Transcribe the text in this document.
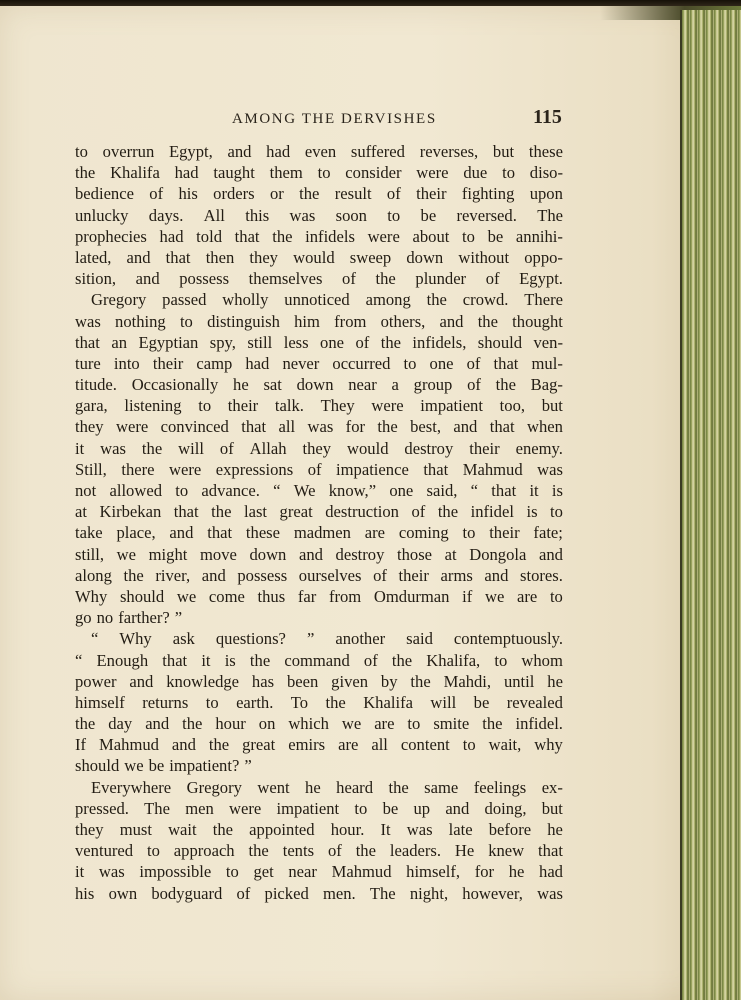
AMONG THE DERVISHES	115
to overrun Egypt, and had even suffered reverses, but these
the Khalifa had taught them to consider were due to diso-
bedience of his orders or the result of their fighting upon
unlucky days. All this was soon to be reversed. The
prophecies had told that the infidels were about to be annihi-
lated, and that then they would sweep down without oppo-
sition, and possess themselves of the plunder of Egypt.
Gregory passed wholly unnoticed among the crowd. There
was nothing to distinguish him from others, and the thought
that an Egyptian spy, still less one of the infidels, should ven-
ture into their camp had never occurred to one of that mul-
titude. Occasionally he sat down near a group of the Bag-
gara, listening to their talk. They were impatient too, but
they were convinced that all was for the best, and that when
it was the will of Allah they would destroy their enemy.
Still, there were expressions of impatience that Mahmud was
not allowed to advance. “ We know,” one said, “ that it is
at Kirbekan that the last great destruction of the infidel is to
take place, and that these madmen are coming to their fate;
still, we might move down and destroy those at Dongola and
along the river, and possess ourselves of their arms and stores.
Why should we come thus far from Omdurman if we are to
go no farther? ”
“ Why ask questions? ” another said contemptuously.
“ Enough that it is the command of the Khalifa, to whom
power and knowledge has been given by the Mahdi, until he
himself returns to earth. To the Khalifa will be revealed
the day and the hour on which we are to smite the infidel.
If Mahmud and the great emirs are all content to wait, why
should we be impatient? ”
Everywhere Gregory went he heard the same feelings ex-
pressed. The men were impatient to be up and doing, but
they must wait the appointed hour. It was late before he
ventured to approach the tents of the leaders. He knew that
it was impossible to get near Mahmud himself, for he had
his own bodyguard of picked men. The night, however, was
